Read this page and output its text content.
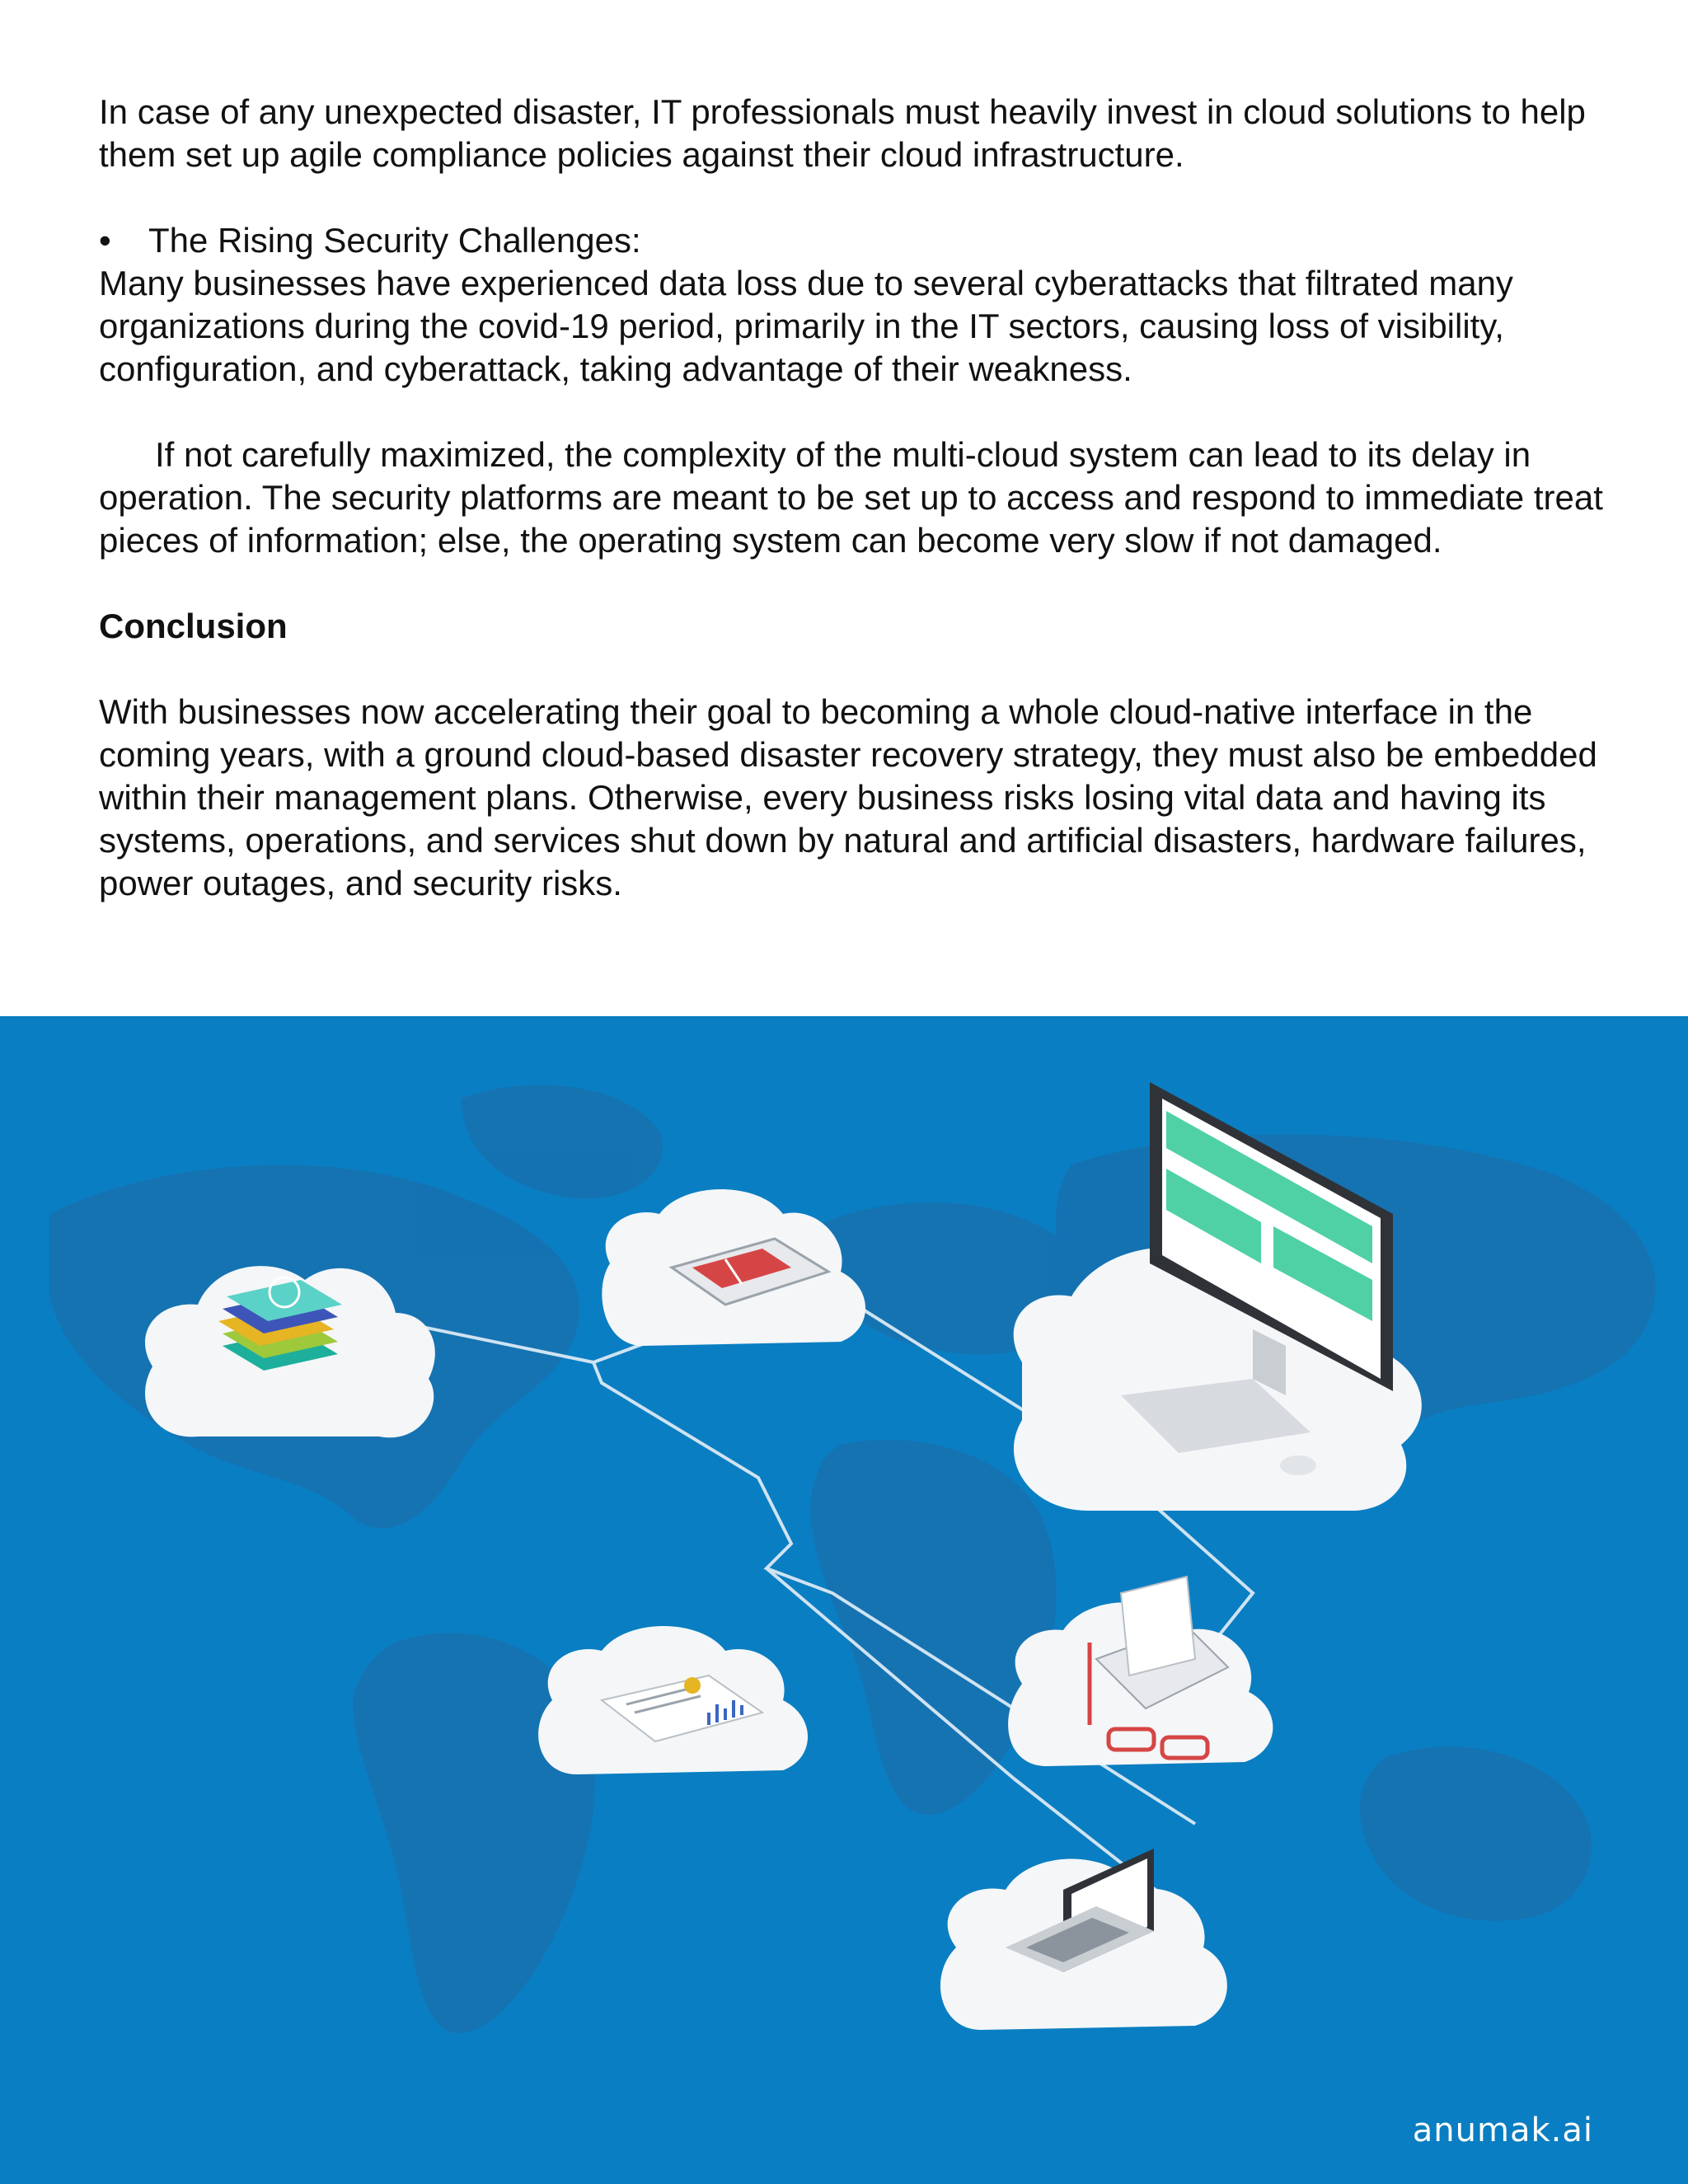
In case of any unexpected disaster, IT professionals must heavily invest in cloud solutions to help them set up agile compliance policies against their cloud infrastructure.

•	The Rising Security Challenges:

Many businesses have experienced data loss due to several cyberattacks that filtrated many organizations during the covid-19 period, primarily in the IT sectors, causing loss of visibility, configuration, and cyberattack, taking advantage of their weakness.

If not carefully maximized, the complexity of the multi-cloud system can lead to its delay in operation. The security platforms are meant to be set up to access and respond to immediate treat pieces of information; else, the operating system can become very slow if not damaged.

Conclusion

With businesses now accelerating their goal to becoming a whole cloud-native interface in the coming years, with a ground cloud-based disaster recovery strategy, they must also be embedded within their management plans. Otherwise, every business risks losing vital data and having its systems, operations, and services shut down by natural and artificial disasters, hardware failures, power outages, and security risks.

anumak.ai
